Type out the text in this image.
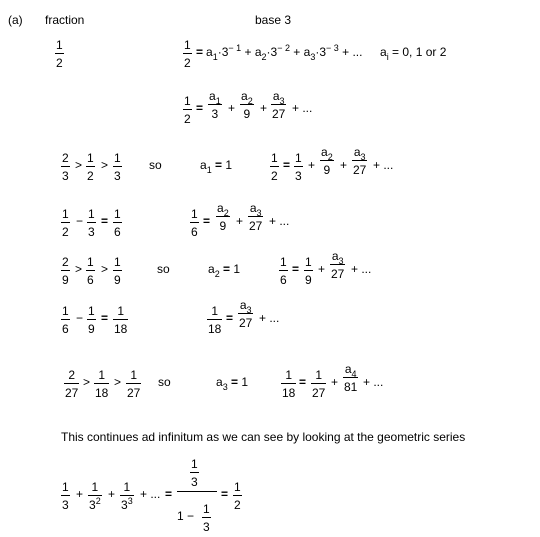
(a) fraction	base 3
1
2
1
2
= $a_1\cdot 3^{- 1} + a_2\cdot 3^{- 2} + a_3\cdot 3^{- 3}$ + ... $a_i = 0$, 1 or 2
1
2
=
$a_1$
3 +
$a_2$
9 +
$a_3$
27 + ...
2
3
> 1
2
> 1
3
so	$a_1 = 1$	1
2
= 1
3
+
$a_2$
9 +
$a_3$
27 + ...
1
2
− 1
3
= 1
6
1
6
=
$a_2$
9 +
$a_3$
27 + ...
2
9
> 1
6
> 1
9
so	$a_2 = 1$	1
6
= 1
9
+
$a_3$
27 + ...
1
6
− 1
9
= 1
18
1
18
=
$a_3$
27 + ...
2
27
> 1
18
> 1
27
so	$a_3 = 1$	1
18
= 1
27
+
$a_4$
81 + ...
This continues ad infinitum as we can see by looking at the geometric series
1
3
+ 1
$3^2 + 1$
$3^3$ + ... =
1
3
1 − 1
3
= 1
2
